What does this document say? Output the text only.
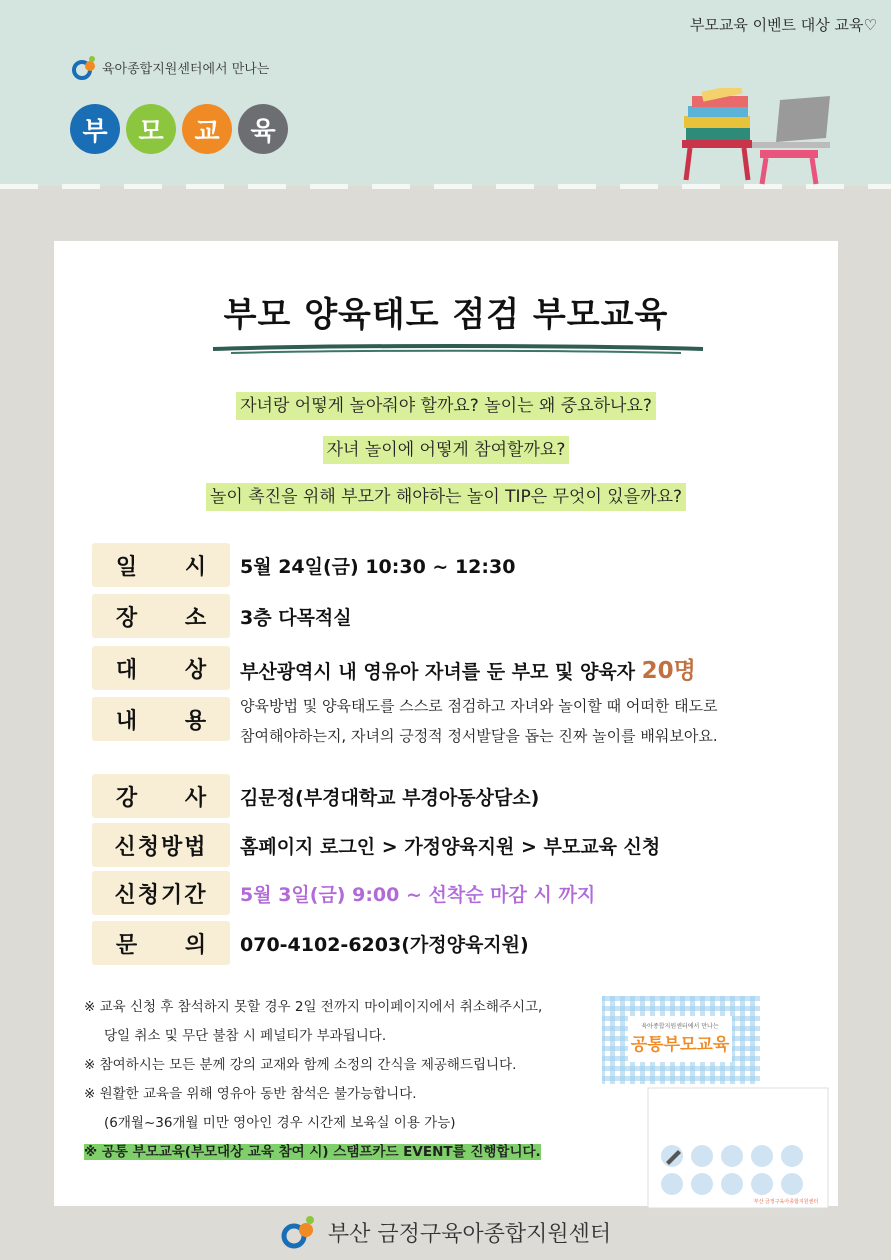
부모교육 이벤트 대상 교육♡
육아종합지원센터에서 만나는
부	모	교	육
부모 양육태도 점검 부모교육
자녀랑 어떻게 놀아줘야 할까요? 놀이는 왜 중요하나요?
자녀 놀이에 어떻게 참여할까요?
놀이 촉진을 위해 부모가 해야하는 놀이 TIP은 무엇이 있을까요?
일 시 5월 24일(금) 10:30 ~ 12:30
장 소 3층 다목적실
대 상 부산광역시 내 영유아 자녀를 둔 부모 및 양육자 20명
내 용
양육방법 및 양육태도를 스스로 점검하고 자녀와 놀이할 때 어떠한 태도로
참여해야하는지, 자녀의 긍정적 정서발달을 돕는 진짜 놀이를 배워보아요.
강 사 김문정(부경대학교 부경아동상담소)
신청방법	홈페이지 로그인 > 가정양육지원 > 부모교육 신청
신청기간	5월 3일(금) 9:00 ~ 선착순 마감 시 까지
문 의 070-4102-6203(가정양육지원)
※ 교육 신청 후 참석하지 못할 경우 2일 전까지 마이페이지에서 취소해주시고,
당일 취소 및 무단 불참 시 페널티가 부과됩니다.
※ 참여하시는 모든 분께 강의 교재와 함께 소정의 간식을 제공해드립니다.
※ 원활한 교육을 위해 영유아 동반 참석은 불가능합니다.
(6개월~36개월 미만 영아인 경우 시간제 보육실 이용 가능)
※ 공통 부모교육(부모대상 교육 참여 시) 스탬프카드 EVENT를 진행합니다.
육아종합지원센터에서 만나는
공통부모교육
부산 금정구육아종합지원센터
부산 금정구육아종합지원센터
